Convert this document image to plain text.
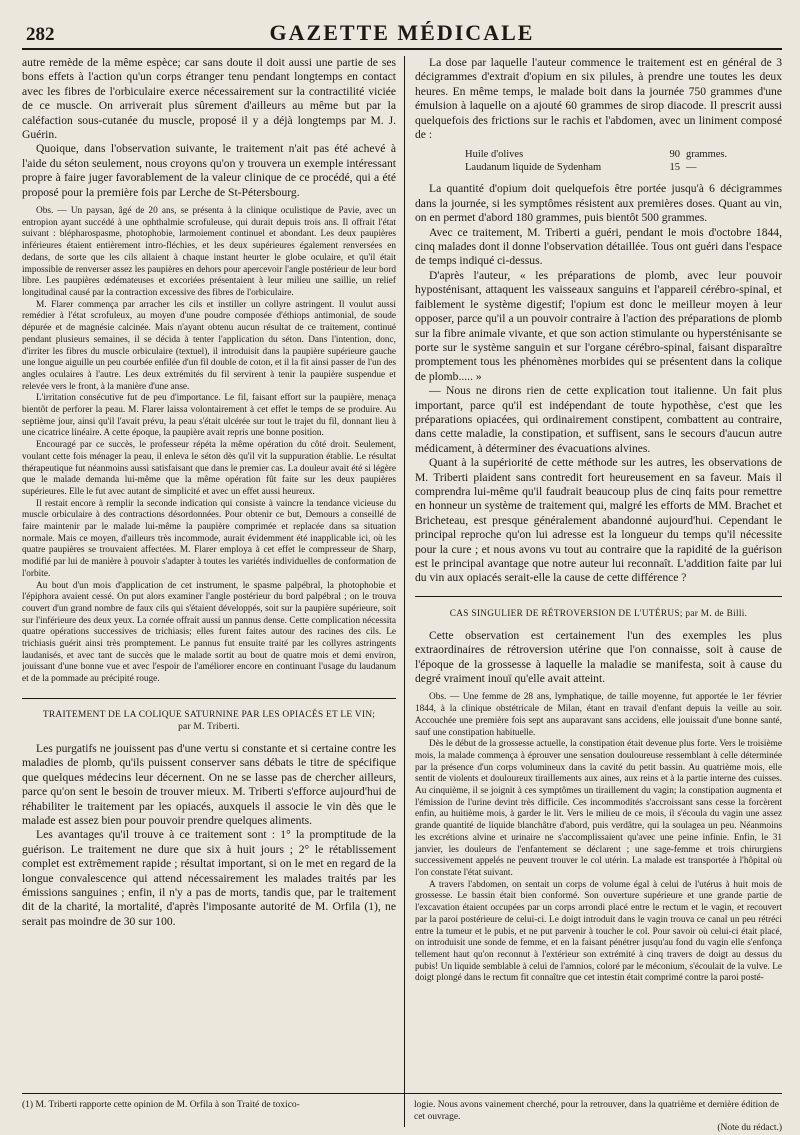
282	GAZETTE MÉDICALE

autre remède de la même espèce; car sans doute il doit aussi une partie de ses bons effets à l'action qu'un corps étranger tenu pendant longtemps en contact avec les fibres de l'orbiculaire exerce nécessairement sur la contractilité viciée de ce muscle. On arriverait plus sûrement d'ailleurs au même but par la caléfaction sous-cutanée du muscle, proposé il y a déjà longtemps par M. J. Guérin.

Quoique, dans l'observation suivante, le traitement n'ait pas été achevé à l'aide du séton seulement, nous croyons qu'on y trouvera un exemple intéressant propre à faire juger favorablement de la valeur clinique de ce procédé, qui a été proposé pour la première fois par Lerche de St-Pétersbourg.

Obs. — Un paysan, âgé de 20 ans, se présenta à la clinique oculistique de Pavie, avec un entropion ayant succédé à une ophthalmie scrofuleuse, qui durait depuis trois ans. Il offrait l'état suivant : blépharospasme, photophobie, larmoiement continuel et abondant. Les deux paupières inférieures étaient entièrement intro-fléchies, et les deux supérieures également renversées en dedans, de sorte que les cils allaient à chaque instant heurter le globe oculaire, et qu'il était impossible de renverser assez les paupières en dehors pour apercevoir l'angle postérieur de leur bord libre. Les paupières œdémateuses et excoriées présentaient à leur milieu une saillie, un relief longitudinal causé par la contraction excessive des fibres de l'orbiculaire.

M. Flarer commença par arracher les cils et instiller un collyre astringent. Il voulut aussi remédier à l'état scrofuleux, au moyen d'une poudre composée d'éthiops antimonial, de soude dépurée et de magnésie calcinée. Mais n'ayant obtenu aucun résultat de ce traitement, continué pendant plusieurs semaines, il se décida à tenter l'application du séton. Dans l'intention, donc, d'irriter les fibres du muscle orbiculaire (textuel), il introduisit dans la paupière supérieure gauche une longue aiguille un peu courbée enfilée d'un fil double de coton, et il la fit ainsi passer de l'un des angles oculaires à l'autre. Les deux extrémités du fil servirent à tenir la paupière suspendue et relevée vers le front, à la manière d'une anse.

L'irritation consécutive fut de peu d'importance. Le fil, faisant effort sur la paupière, menaça bientôt de perforer la peau. M. Flarer laissa volontairement à cet effet le temps de se produire. Au septième jour, ainsi qu'il l'avait prévu, la peau s'était ulcérée sur tout le trajet du fil, donnant lieu à une cicatrice linéaire. A cette époque, la paupière avait repris une bonne position.

Encouragé par ce succès, le professeur répéta la même opération du côté droit. Seulement, voulant cette fois ménager la peau, il enleva le séton dès qu'il vit la suppuration établie. Le résultat thérapeutique fut néanmoins aussi satisfaisant que dans le premier cas. La douleur avait été si légère que le malade demanda lui-même que la même opération fût faite sur les deux paupières supérieures. Elle le fut avec autant de simplicité et avec un effet aussi heureux.

Il restait encore à remplir la seconde indication qui consiste à vaincre la tendance vicieuse du muscle orbiculaire à des contractions désordonnées. Pour obtenir ce but, Demours a conseillé de faire maintenir par le malade lui-même la paupière comprimée et replacée dans sa situation normale. Mais ce moyen, d'ailleurs très incommode, aurait évidemment été inapplicable ici, où les quatre paupières se trouvaient affectées. M. Flarer employa à cet effet le compresseur de Sharp, modifié par lui de manière à pouvoir s'adapter à toutes les variétés individuelles de conformation de l'orbite.

Au bout d'un mois d'application de cet instrument, le spasme palpébral, la photophobie et l'épiphora avaient cessé. On put alors examiner l'angle postérieur du bord palpébral ; on le trouva couvert d'un grand nombre de faux cils qui s'étaient développés, soit sur la paupière supérieure, soit sur l'inférieure des deux yeux. La cornée offrait aussi un pannus dense. Cette complication nécessita quatre opérations successives de trichiasis; elles furent faites autour des racines des cils. Le trichiasis guérit ainsi très promptement. Le pannus fut ensuite traité par les collyres astringents laudanisés, et avec tant de succès que le malade sortit au bout de quatre mois et demi environ, jouissant d'une bonne vue et avec l'espoir de l'améliorer encore en continuant l'usage du laudanum et de la pommade au précipité rouge.

TRAITEMENT DE LA COLIQUE SATURNINE PAR LES OPIACÉS ET LE VIN;
par M. Triberti.

Les purgatifs ne jouissent pas d'une vertu si constante et si certaine contre les maladies de plomb, qu'ils puissent conserver sans débats le titre de spécifique que quelques médecins leur décernent. On ne se lasse pas de chercher ailleurs, parce qu'on sent le besoin de trouver mieux. M. Triberti s'efforce aujourd'hui de réhabiliter le traitement par les opiacés, auxquels il associe le vin dès que le malade est assez bien pour pouvoir prendre quelques aliments.

Les avantages qu'il trouve à ce traitement sont : 1° la promptitude de la guérison. Le traitement ne dure que six à huit jours ; 2° le rétablissement complet est extrêmement rapide ; résultat important, si on le met en regard de la longue convalescence qui attend nécessairement les malades traités par les émissions sanguines ; enfin, il n'y a pas de morts, tandis que, par le traitement dit de la charité, la mortalité, d'après l'imposante autorité de M. Orfila (1), ne serait pas moindre de 30 sur 100.

La dose par laquelle l'auteur commence le traitement est en général de 3 décigrammes d'extrait d'opium en six pilules, à prendre une toutes les deux heures. En même temps, le malade boit dans la journée 750 grammes d'une émulsion à laquelle on a ajouté 60 grammes de sirop diacode. Il prescrit aussi quelquefois des frictions sur le rachis et l'abdomen, avec un liniment composé de :

Huile d'olives	90 grammes.
Laudanum liquide de Sydenham	15 —

La quantité d'opium doit quelquefois être portée jusqu'à 6 décigrammes dans la journée, si les symptômes résistent aux premières doses. Quant au vin, on en permet d'abord 180 grammes, puis bientôt 500 grammes.

Avec ce traitement, M. Triberti a guéri, pendant le mois d'octobre 1844, cinq malades dont il donne l'observation détaillée. Tous ont guéri dans l'espace de temps indiqué ci-dessus.

D'après l'auteur, « les préparations de plomb, avec leur pouvoir hyposténisant, attaquent les vaisseaux sanguins et l'appareil cérébro-spinal, et faiblement le système digestif; l'opium est donc le meilleur moyen à leur opposer, parce qu'il a un pouvoir contraire à l'action des préparations de plomb sur la fibre animale vivante, et que son action stimulante ou hypersténisante se porte sur le système sanguin et sur l'organe cérébro-spinal, faisant disparaître promptement tous les phénomènes morbides qui se présentent dans la colique de plomb..... »

— Nous ne dirons rien de cette explication tout italienne. Un fait plus important, parce qu'il est indépendant de toute hypothèse, c'est que les préparations opiacées, qui ordinairement constipent, combattent au contraire, dans cette maladie, la constipation, et suffisent, sans le secours d'aucun autre médicament, à déterminer des évacuations alvines.

Quant à la supériorité de cette méthode sur les autres, les observations de M. Triberti plaident sans contredit fort heureusement en sa faveur. Mais il comprendra lui-même qu'il faudrait beaucoup plus de cinq faits pour remettre en honneur un système de traitement qui, malgré les efforts de MM. Brachet et Bricheteau, est presque généralement abandonné aujourd'hui. Cependant le principal reproche qu'on lui adresse est la longueur du temps qu'il nécessite pour la cure ; et nous avons vu tout au contraire que la rapidité de la guérison est le principal avantage que notre auteur lui reconnaît. L'addition faite par lui du vin aux opiacés serait-elle la cause de cette différence ?

CAS SINGULIER DE RÉTROVERSION DE L'UTÉRUS; par M. de Billi.

Cette observation est certainement l'un des exemples les plus extraordinaires de rétroversion utérine que l'on connaisse, soit à cause de l'époque de la grossesse à laquelle la maladie se manifesta, soit à cause du degré vraiment inouï qu'elle avait atteint.

Obs. — Une femme de 28 ans, lymphatique, de taille moyenne, fut apportée le 1er février 1844, à la clinique obstétricale de Milan, étant en travail d'enfant depuis la veille au soir. Accouchée une première fois sept ans auparavant sans accidens, elle jouissait d'une bonne santé, sauf une constipation habituelle.

Dès le début de la grossesse actuelle, la constipation était devenue plus forte. Vers le troisième mois, la malade commença à éprouver une sensation douloureuse ressemblant à celle déterminée par la présence d'un corps volumineux dans la cavité du petit bassin. Au quatrième mois, elle sentit de violents et douloureux tiraillements aux aines, aux reins et à la partie interne des cuisses. Au cinquième, il se joignit à ces symptômes un tiraillement du vagin; la constipation augmenta et l'émission de l'urine devint très difficile. Ces incommodités s'accroissant sans cesse la forcèrent enfin, au huitième mois, à garder le lit. Vers le milieu de ce mois, il s'écoula du vagin une assez grande quantité de liquide blanchâtre d'abord, puis verdâtre, qui la soulagea un peu. Néanmoins les excrétions alvine et urinaire ne s'accomplissaient qu'avec une peine infinie. Enfin, le 31 janvier, les douleurs de l'enfantement se déclarent ; une sage-femme et trois chirurgiens successivement appelés ne peuvent trouver le col utérin. La malade est transportée à l'hôpital où l'on constate l'état suivant.

A travers l'abdomen, on sentait un corps de volume égal à celui de l'utérus à huit mois de grossesse. Le bassin était bien conformé. Son ouverture supérieure et une grande partie de l'excavation étaient occupées par un corps arrondi placé entre le rectum et le vagin, et recouvert par la paroi postérieure de celui-ci. Le doigt introduit dans le vagin trouva ce canal un peu rétréci entre la tumeur et le pubis, et ne put parvenir à toucher le col. Pour savoir où celui-ci était placé, on introduisit une sonde de femme, et en la faisant pénétrer jusqu'au fond du vagin elle s'enfonça tellement haut qu'on reconnut à l'extérieur son extrémité à cinq travers de doigt au dessus du pubis! Un liquide semblable à celui de l'amnios, coloré par le méconium, s'écoulait de la vulve. Le doigt plongé dans le rectum fit connaître que cet intestin était comprimé contre la paroi posté-

(1) M. Triberti rapporte cette opinion de M. Orfila à son Traité de toxico-	logie. Nous avons vainement cherché, pour la retrouver, dans la quatrième et dernière édition de cet ouvrage.
(Note du rédact.)
